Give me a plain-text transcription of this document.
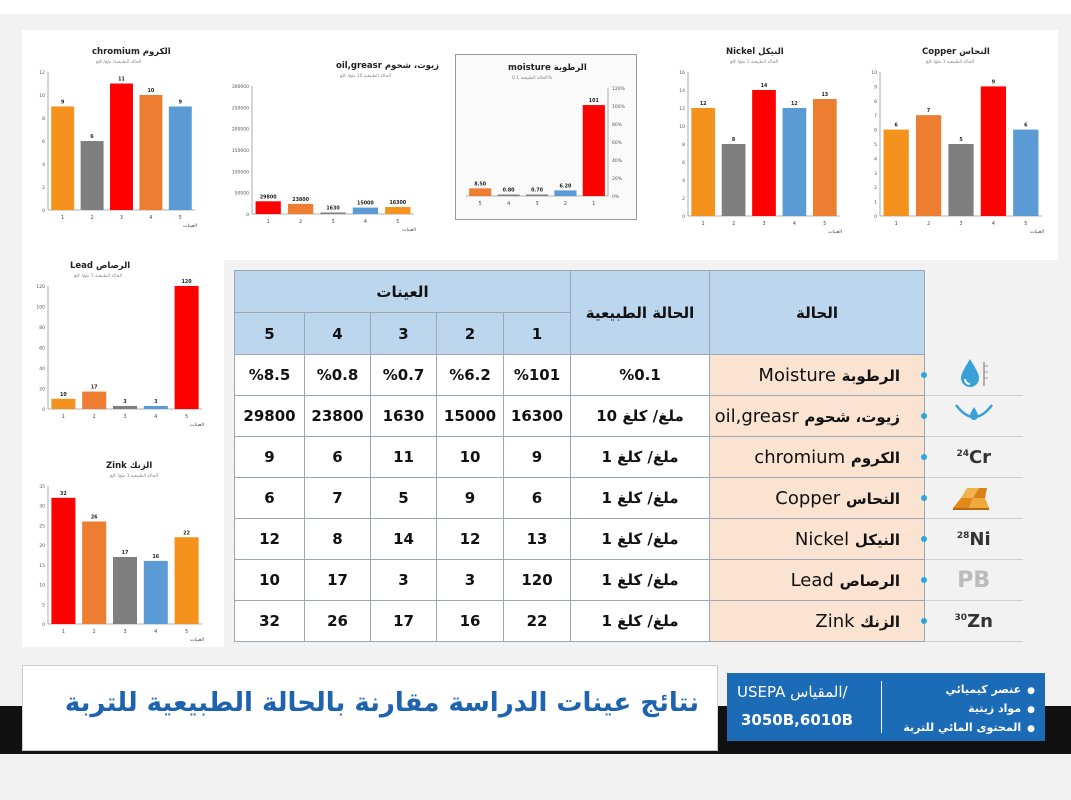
chromium الكروم
الحالة الطبيعية/ ملغ/ كلغ
0
2
4
6
8
10
12
9
1
6
2
11
3
10
4
9
5
العينات
oil,greasr زيوت، شحوم
الحالة الطبيعية 10 ملغ/ كلغ
0
50000
100000
150000
200000
250000
300000
29800
1
23800
2
1630
3
15000
4
16300
5
العينات
moisture الرطوبة
الحالة الطبيعية 0.1%
0%
20%
40%
60%
80%
100%
120%
8.50
5
0.80
4
0.70
3
6.20
2
101
1
Nickel النيكل
الحالة الطبيعية 1 ملغ/ كلغ
0
2
4
6
8
10
12
14
16
12
1
8
2
14
3
12
4
13
5
العينات
Copper النحاس
الحالة الطبيعية 1 ملغ/ كلغ
0
1
2
3
4
5
6
7
8
9
10
6
1
7
2
5
3
9
4
6
5
العينات
Lead الرصاص
الحالة الطبيعية 1 ملغ/ كلغ
0
20
40
60
80
100
120
10
1
17
2
3
3
3
4
120
5
العينات
Zink الزنك
الحالة الطبيعية 1 ملغ/ كلغ
0
5
10
15
20
25
30
35
32
1
26
2
17
3
16
4
22
5
العينات
العينات					الحالة الطبيعية	الحالة	
5	4	3	2	1			
%8.5	%0.8	%0.7	%6.2	%101	%0.1	Moisture الرطوبة

29800	23800	1630	15000	16300	10 ملغ/ كلغ	oil,greasr زيوت، شحوم

9	6	11	10	9	1 ملغ/ كلغ	chromium الكروم	$^{24}$Cr
6	7	5	9	6	1 ملغ/ كلغ	Copper النحاس

12	8	14	12	13	1 ملغ/ كلغ	Nickel النيكل	$^{28}$Ni
10	17	3	3	120	1 ملغ/ كلغ	Lead الرصاص	PB
32	26	17	16	22	1 ملغ/ كلغ	Zink الزنك	$^{30}$Zn
نتائج عينات الدراسة مقارنة بالحالة الطبيعية للتربة	USEPA المقياس/
3050B,6010B
● عنصر كيميائي
● مواد زيتية
● المحتوى المائي للتربة
